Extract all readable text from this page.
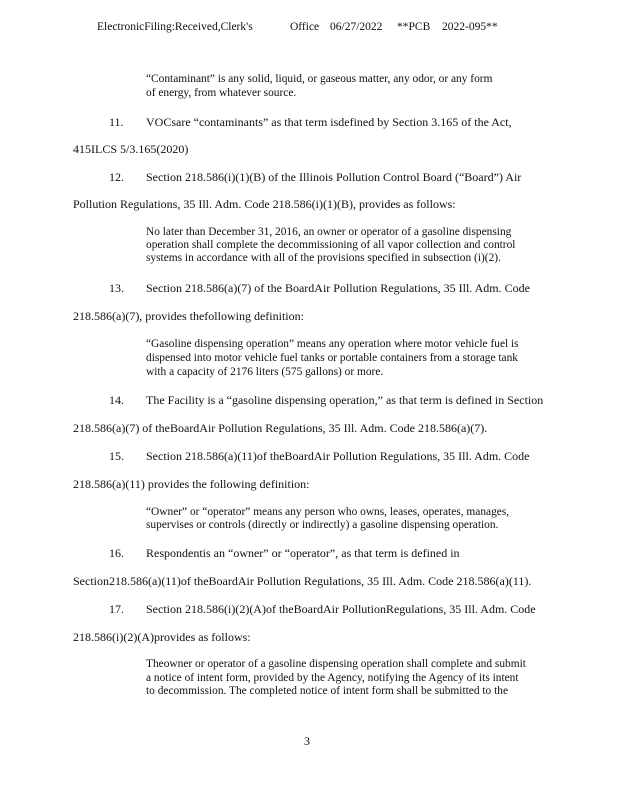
ElectronicFiling:Received,Clerk's	Office 06/27/2022 **PCB 2022-095**
“Contaminant” is any solid, liquid, or gaseous matter, any odor, or any form
of energy, from whatever source.
11. VOCsare “contaminants” as that term isdefined by Section 3.165 of the Act,
415ILCS 5/3.165(2020)
12. Section 218.586(i)(1)(B) of the Illinois Pollution Control Board (“Board”) Air
Pollution Regulations, 35 Ill. Adm. Code 218.586(i)(1)(B), provides as follows:
No later than December 31, 2016, an owner or operator of a gasoline dispensing
operation shall complete the decommissioning of all vapor collection and control
systems in accordance with all of the provisions specified in subsection (i)(2).
13. Section 218.586(a)(7) of the BoardAir Pollution Regulations, 35 Ill. Adm. Code
218.586(a)(7), provides thefollowing definition:
“Gasoline dispensing operation” means any operation where motor vehicle fuel is
dispensed into motor vehicle fuel tanks or portable containers from a storage tank
with a capacity of 2176 liters (575 gallons) or more.
14. The Facility is a “gasoline dispensing operation,” as that term is defined in Section
218.586(a)(7) of theBoardAir Pollution Regulations, 35 Ill. Adm. Code 218.586(a)(7).
15. Section 218.586(a)(11)of theBoardAir Pollution Regulations, 35 Ill. Adm. Code
218.586(a)(11) provides the following definition:
“Owner” or “operator” means any person who owns, leases, operates, manages,
supervises or controls (directly or indirectly) a gasoline dispensing operation.
16. Respondentis an “owner” or “operator”, as that term is defined in
Section218.586(a)(11)of theBoardAir Pollution Regulations, 35 Ill. Adm. Code 218.586(a)(11).
17. Section 218.586(i)(2)(A)of theBoardAir PollutionRegulations, 35 Ill. Adm. Code
218.586(i)(2)(A)provides as follows:
Theowner or operator of a gasoline dispensing operation shall complete and submit
a notice of intent form, provided by the Agency, notifying the Agency of its intent
to decommission. The completed notice of intent form shall be submitted to the
3
